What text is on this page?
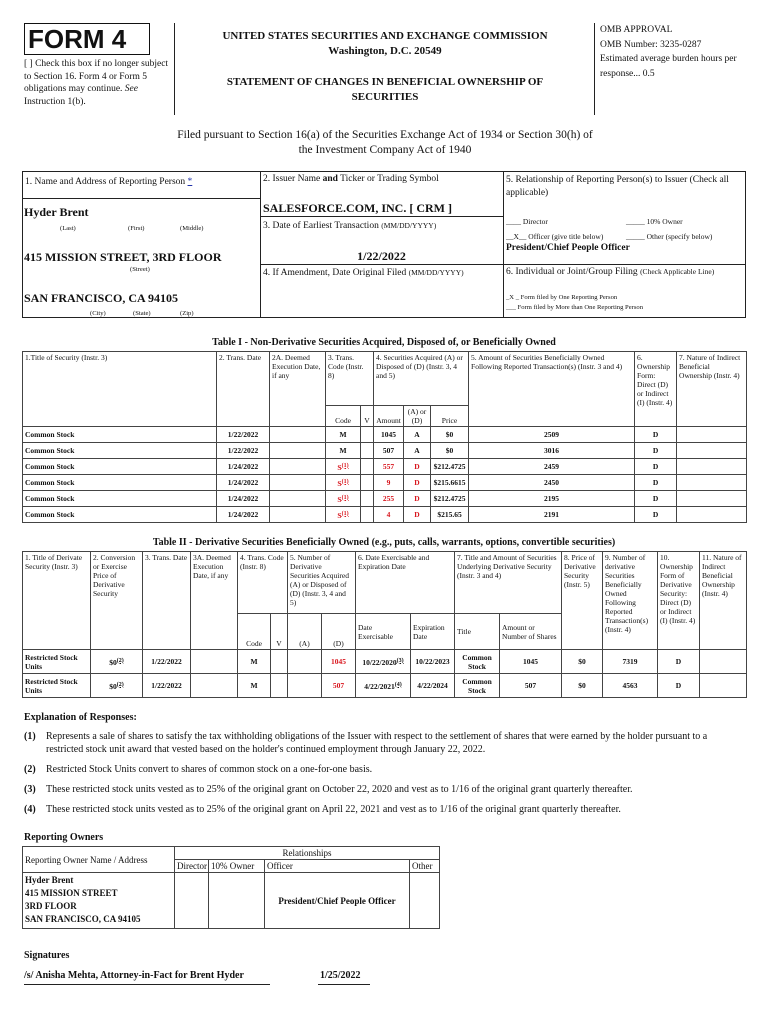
FORM 4
[ ] Check this box if no longer subject to Section 16. Form 4 or Form 5 obligations may continue. See Instruction 1(b).
UNITED STATES SECURITIES AND EXCHANGE COMMISSION
Washington, D.C. 20549
STATEMENT OF CHANGES IN BENEFICIAL OWNERSHIP OF SECURITIES
OMB APPROVAL
OMB Number: 3235-0287
Estimated average burden hours per response... 0.5
Filed pursuant to Section 16(a) of the Securities Exchange Act of 1934 or Section 30(h) of the Investment Company Act of 1940
1. Name and Address of Reporting Person *
Hyder Brent
(Last)	(First)	(Middle)
415 MISSION STREET, 3RD FLOOR
(Street)
SAN FRANCISCO, CA 94105
(City)	(State)	(Zip)
2. Issuer Name and Ticker or Trading Symbol
SALESFORCE.COM, INC. [ CRM ]
3. Date of Earliest Transaction (MM/DD/YYYY)
1/22/2022
4. If Amendment, Date Original Filed (MM/DD/YYYY)
5. Relationship of Reporting Person(s) to Issuer (Check all applicable)
____ Director	_____ 10% Owner
__X__ Officer (give title below)	_____ Other (specify below)
President/Chief People Officer
6. Individual or Joint/Group Filing (Check Applicable Line)
_X _ Form filed by One Reporting Person
___ Form filed by More than One Reporting Person
Table I - Non-Derivative Securities Acquired, Disposed of, or Beneficially Owned
1.Title of Security (Instr. 3)	2. Trans. Date	2A. Deemed Execution Date, if any	3. Trans. Code (Instr. 8)		4. Securities Acquired (A) or Disposed of (D) (Instr. 3, 4 and 5)			5. Amount of Securities Beneficially Owned Following Reported Transaction(s) (Instr. 3 and 4)	6. Ownership Form: Direct (D) or Indirect (I) (Instr. 4)	7. Nature of Indirect Beneficial Ownership (Instr. 4)
			Code	V	Amount	(A) or (D)	Price			
Common Stock	1/22/2022		M		1045	A	$0	2509	D	
Common Stock	1/22/2022		M		507	A	$0	3016	D	
Common Stock	1/24/2022		$S^{(1)}$		557	D	$212.4725	2459	D	
Common Stock	1/24/2022		$S^{(1)}$		9	D	$215.6615	2450	D	
Common Stock	1/24/2022		$S^{(1)}$		255	D	$212.4725	2195	D	
Common Stock	1/24/2022		$S^{(1)}$		4	D	$215.65	2191	D	
Table II - Derivative Securities Beneficially Owned (e.g., puts, calls, warrants, options, convertible securities)
1. Title of Derivate Security (Instr. 3)	2. Conversion or Exercise Price of Derivative Security	3. Trans. Date	3A. Deemed Execution Date, if any	4. Trans. Code (Instr. 8)		5. Number of Derivative Securities Acquired (A) or Disposed of (D) (Instr. 3, 4 and 5)		6. Date Exercisable and Expiration Date		7. Title and Amount of Securities Underlying Derivative Security (Instr. 3 and 4)		8. Price of Derivative Security (Instr. 5)	9. Number of derivative Securities Beneficially Owned Following Reported Transaction(s) (Instr. 4)	10. Ownership Form of Derivative Security: Direct (D) or Indirect (I) (Instr. 4)	11. Nature of Indirect Beneficial Ownership (Instr. 4)
				Code	V	(A)	(D)	Date Exercisable	Expiration Date	Title	Amount or Number of Shares				
Restricted Stock Units	$0$^{(2)}$	1/22/2022		M			1045	10/22/2020$^{(3)}$	10/22/2023	Common Stock	1045	$0	7319	D	
Restricted Stock Units	$0$^{(2)}$	1/22/2022		M			507	4/22/2021$^{(4)}$	4/22/2024	Common Stock	507	$0	4563	D	
Explanation of Responses:
(1)	Represents a sale of shares to satisfy the tax withholding obligations of the Issuer with respect to the settlement of shares that were earned by the holder pursuant to a restricted stock unit award that vested based on the holder's continued employment through January 22, 2022.
(2)	Restricted Stock Units convert to shares of common stock on a one-for-one basis.
(3)	These restricted stock units vested as to 25% of the original grant on October 22, 2020 and vest as to 1/16 of the original grant quarterly thereafter.
(4)	These restricted stock units vested as to 25% of the original grant on April 22, 2021 and vest as to 1/16 of the original grant quarterly thereafter.
Reporting Owners
Reporting Owner Name / Address	Relationships			
	Director	10% Owner	Officer	Other

Hyder Brent
415 MISSION STREET
3RD FLOOR
SAN FRANCISCO, CA 94105			President/Chief People Officer	
Signatures
/s/ Anisha Mehta, Attorney-in-Fact for Brent Hyder	1/25/2022
